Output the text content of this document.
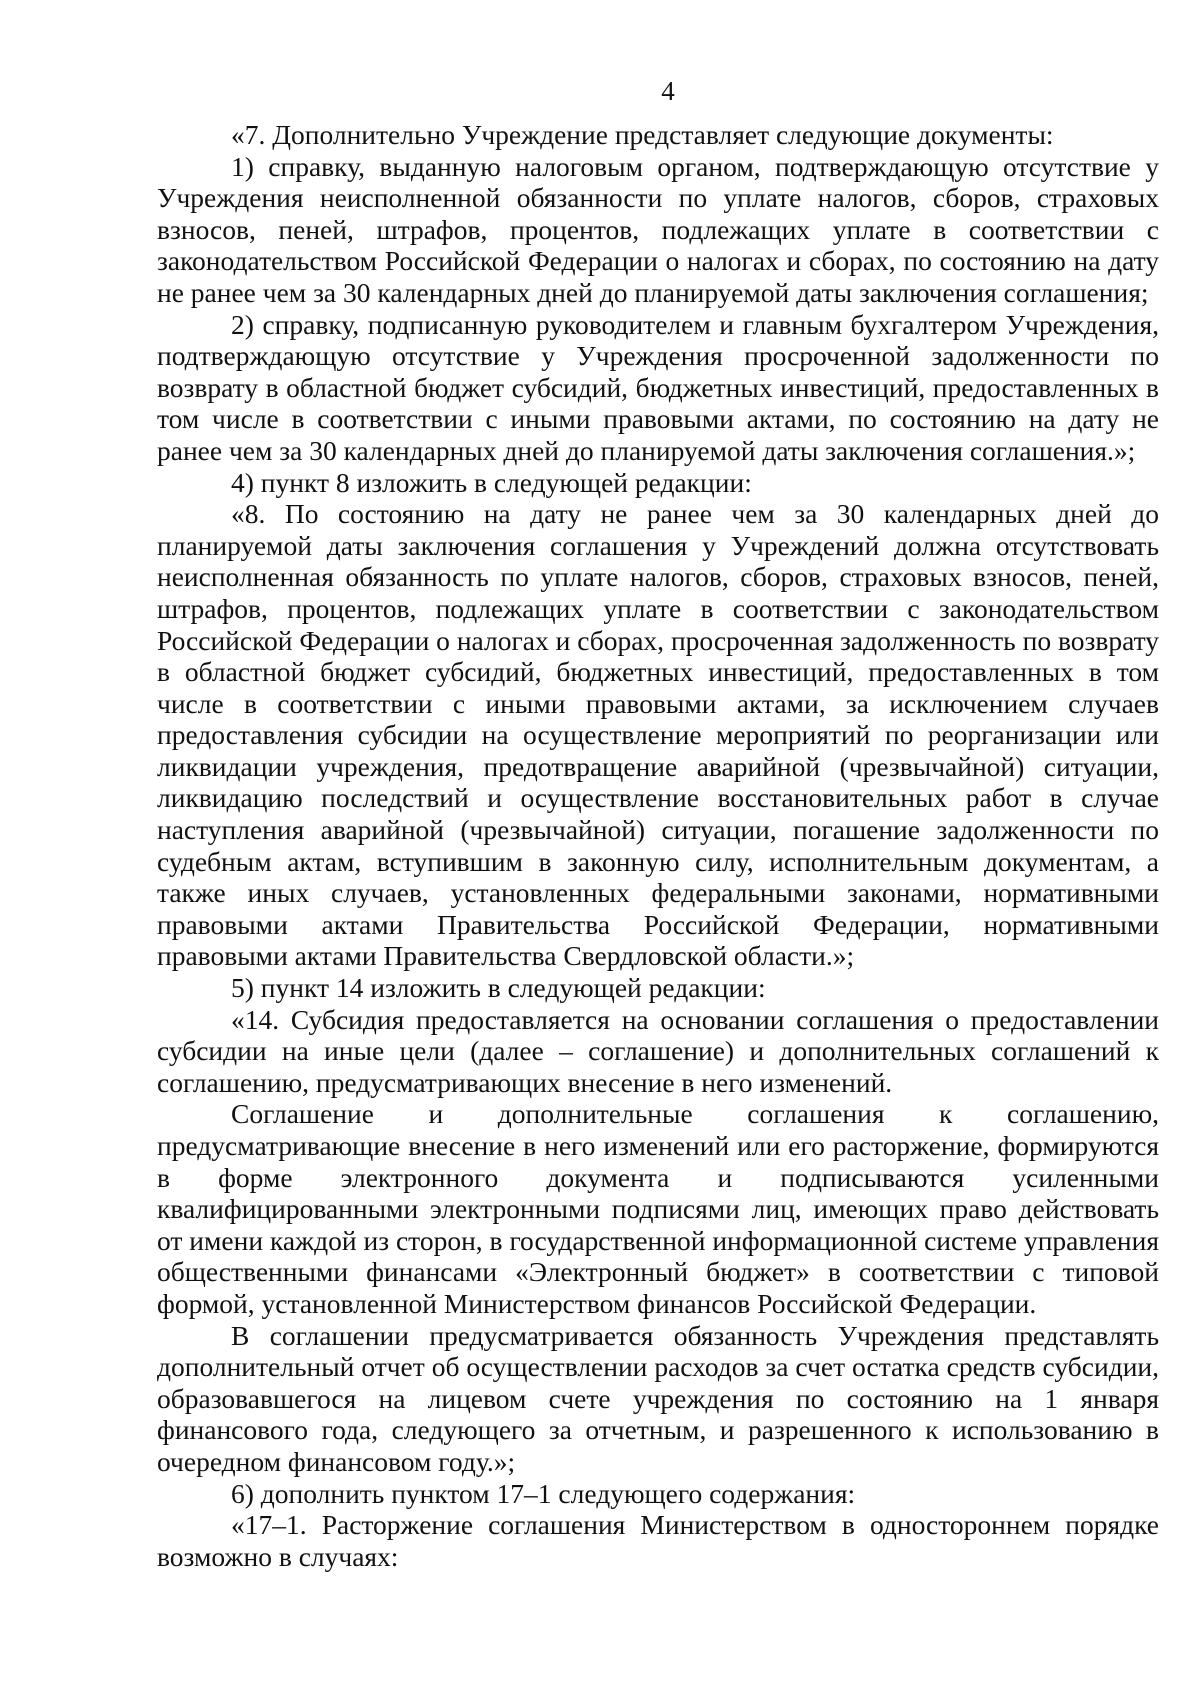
4

«7. Дополнительно Учреждение представляет следующие документы:

1) справку, выданную налоговым органом, подтверждающую отсутствие у Учреждения неисполненной обязанности по уплате налогов, сборов, страховых взносов, пеней, штрафов, процентов, подлежащих уплате в соответствии с законодательством Российской Федерации о налогах и сборах, по состоянию на дату не ранее чем за 30 календарных дней до планируемой даты заключения соглашения;

2) справку, подписанную руководителем и главным бухгалтером Учреждения, подтверждающую отсутствие у Учреждения просроченной задолженности по возврату в областной бюджет субсидий, бюджетных инвестиций, предоставленных в том числе в соответствии с иными правовыми актами, по состоянию на дату не ранее чем за 30 календарных дней до планируемой даты заключения соглашения.»;

4) пункт 8 изложить в следующей редакции:

«8. По состоянию на дату не ранее чем за 30 календарных дней до планируемой даты заключения соглашения у Учреждений должна отсутствовать неисполненная обязанность по уплате налогов, сборов, страховых взносов, пеней, штрафов, процентов, подлежащих уплате в соответствии с законодательством Российской Федерации о налогах и сборах, просроченная задолженность по возврату в областной бюджет субсидий, бюджетных инвестиций, предоставленных в том числе в соответствии с иными правовыми актами, за исключением случаев предоставления субсидии на осуществление мероприятий по реорганизации или ликвидации учреждения, предотвращение аварийной (чрезвычайной) ситуации, ликвидацию последствий и осуществление восстановительных работ в случае наступления аварийной (чрезвычайной) ситуации, погашение задолженности по судебным актам, вступившим в законную силу, исполнительным документам, а также иных случаев, установленных федеральными законами, нормативными правовыми актами Правительства Российской Федерации, нормативными правовыми актами Правительства Свердловской области.»;

5) пункт 14 изложить в следующей редакции:

«14. Субсидия предоставляется на основании соглашения о предоставлении субсидии на иные цели (далее – соглашение) и дополнительных соглашений к соглашению, предусматривающих внесение в него изменений.

Соглашение и дополнительные соглашения к соглашению, предусматривающие внесение в него изменений или его расторжение, формируются в форме электронного документа и подписываются усиленными квалифицированными электронными подписями лиц, имеющих право действовать от имени каждой из сторон, в государственной информационной системе управления общественными финансами «Электронный бюджет» в соответствии с типовой формой, установленной Министерством финансов Российской Федерации.

В соглашении предусматривается обязанность Учреждения представлять дополнительный отчет об осуществлении расходов за счет остатка средств субсидии, образовавшегося на лицевом счете учреждения по состоянию на 1 января финансового года, следующего за отчетным, и разрешенного к использованию в очередном финансовом году.»;

6) дополнить пунктом 17–1 следующего содержания:

«17–1. Расторжение соглашения Министерством в одностороннем порядке возможно в случаях:
